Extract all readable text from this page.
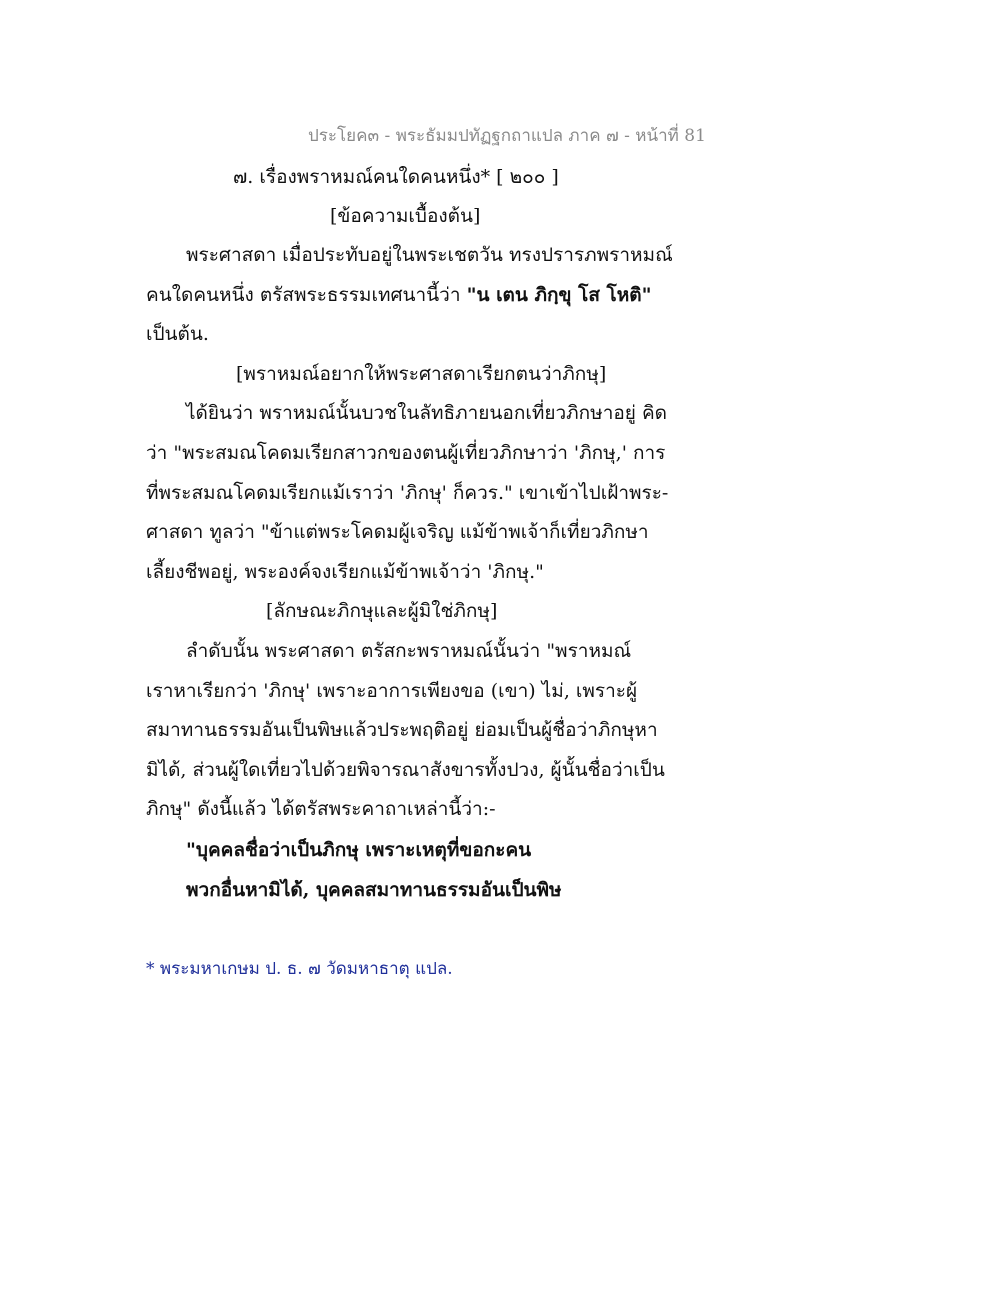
ประโยค๓ - พระธัมมปทัฏฐกถาแปล ภาค ๗ - หน้าที่ 81
๗. เรื่องพราหมณ์คนใดคนหนึ่ง* [ ๒๐๐ ]
[ข้อความเบื้องต้น]
พระศาสดา เมื่อประทับอยู่ในพระเชตวัน ทรงปรารภพราหมณ์
คนใดคนหนึ่ง ตรัสพระธรรมเทศนานี้ว่า "น เตน ภิกฺขุ โส โหติ"
เป็นต้น.
[พราหมณ์อยากให้พระศาสดาเรียกตนว่าภิกษุ]
ได้ยินว่า พราหมณ์นั้นบวชในลัทธิภายนอกเที่ยวภิกษาอยู่ คิด
ว่า "พระสมณโคดมเรียกสาวกของตนผู้เที่ยวภิกษาว่า 'ภิกษุ,' การ
ที่พระสมณโคดมเรียกแม้เราว่า 'ภิกษุ' ก็ควร." เขาเข้าไปเฝ้าพระ-
ศาสดา ทูลว่า "ข้าแต่พระโคดมผู้เจริญ แม้ข้าพเจ้าก็เที่ยวภิกษา
เลี้ยงชีพอยู่, พระองค์จงเรียกแม้ข้าพเจ้าว่า 'ภิกษุ."
[ลักษณะภิกษุและผู้มิใช่ภิกษุ]
ลำดับนั้น พระศาสดา ตรัสกะพราหมณ์นั้นว่า "พราหมณ์
เราหาเรียกว่า 'ภิกษุ' เพราะอาการเพียงขอ (เขา) ไม่, เพราะผู้
สมาทานธรรมอันเป็นพิษแล้วประพฤติอยู่ ย่อมเป็นผู้ชื่อว่าภิกษุหา
มิได้, ส่วนผู้ใดเที่ยวไปด้วยพิจารณาสังขารทั้งปวง, ผู้นั้นชื่อว่าเป็น
ภิกษุ" ดังนี้แล้ว ได้ตรัสพระคาถาเหล่านี้ว่า:-
"บุคคลชื่อว่าเป็นภิกษุ เพราะเหตุที่ขอกะคน
พวกอื่นหามิได้, บุคคลสมาทานธรรมอันเป็นพิษ
* พระมหาเกษม ป. ธ. ๗ วัดมหาธาตุ แปล.
